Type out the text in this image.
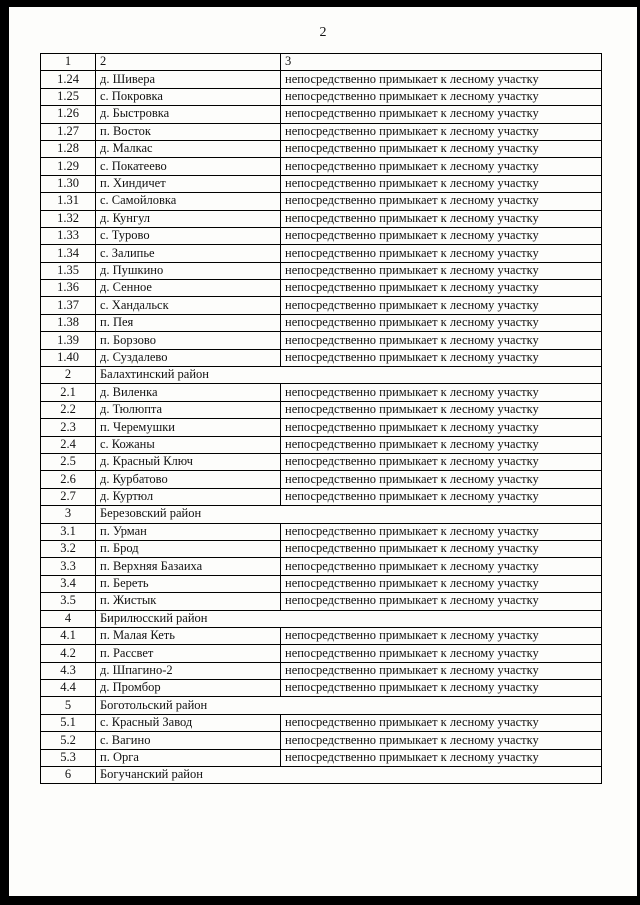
2
1	2	3
1.24	д. Шивера	непосредственно примыкает к лесному участку
1.25	с. Покровка	непосредственно примыкает к лесному участку
1.26	д. Быстровка	непосредственно примыкает к лесному участку
1.27	п. Восток	непосредственно примыкает к лесному участку
1.28	д. Малкас	непосредственно примыкает к лесному участку
1.29	с. Покатеево	непосредственно примыкает к лесному участку
1.30	п. Хиндичет	непосредственно примыкает к лесному участку
1.31	с. Самойловка	непосредственно примыкает к лесному участку
1.32	д. Кунгул	непосредственно примыкает к лесному участку
1.33	с. Турово	непосредственно примыкает к лесному участку
1.34	с. Залипье	непосредственно примыкает к лесному участку
1.35	д. Пушкино	непосредственно примыкает к лесному участку
1.36	д. Сенное	непосредственно примыкает к лесному участку
1.37	с. Хандальск	непосредственно примыкает к лесному участку
1.38	п. Пея	непосредственно примыкает к лесному участку
1.39	п. Борзово	непосредственно примыкает к лесному участку
1.40	д. Суздалево	непосредственно примыкает к лесному участку
2	Балахтинский район	
2.1	д. Виленка	непосредственно примыкает к лесному участку
2.2	д. Тюлюпта	непосредственно примыкает к лесному участку
2.3	п. Черемушки	непосредственно примыкает к лесному участку
2.4	с. Кожаны	непосредственно примыкает к лесному участку
2.5	д. Красный Ключ	непосредственно примыкает к лесному участку
2.6	д. Курбатово	непосредственно примыкает к лесному участку
2.7	д. Куртюл	непосредственно примыкает к лесному участку
3	Березовский район	
3.1	п. Урман	непосредственно примыкает к лесному участку
3.2	п. Брод	непосредственно примыкает к лесному участку
3.3	п. Верхняя Базаиха	непосредственно примыкает к лесному участку
3.4	п. Береть	непосредственно примыкает к лесному участку
3.5	п. Жистык	непосредственно примыкает к лесному участку
4	Бирилюсский район	
4.1	п. Малая Кеть	непосредственно примыкает к лесному участку
4.2	п. Рассвет	непосредственно примыкает к лесному участку
4.3	д. Шпагино-2	непосредственно примыкает к лесному участку
4.4	д. Промбор	непосредственно примыкает к лесному участку
5	Боготольский район	
5.1	с. Красный Завод	непосредственно примыкает к лесному участку
5.2	с. Вагино	непосредственно примыкает к лесному участку
5.3	п. Орга	непосредственно примыкает к лесному участку
6	Богучанский район	
